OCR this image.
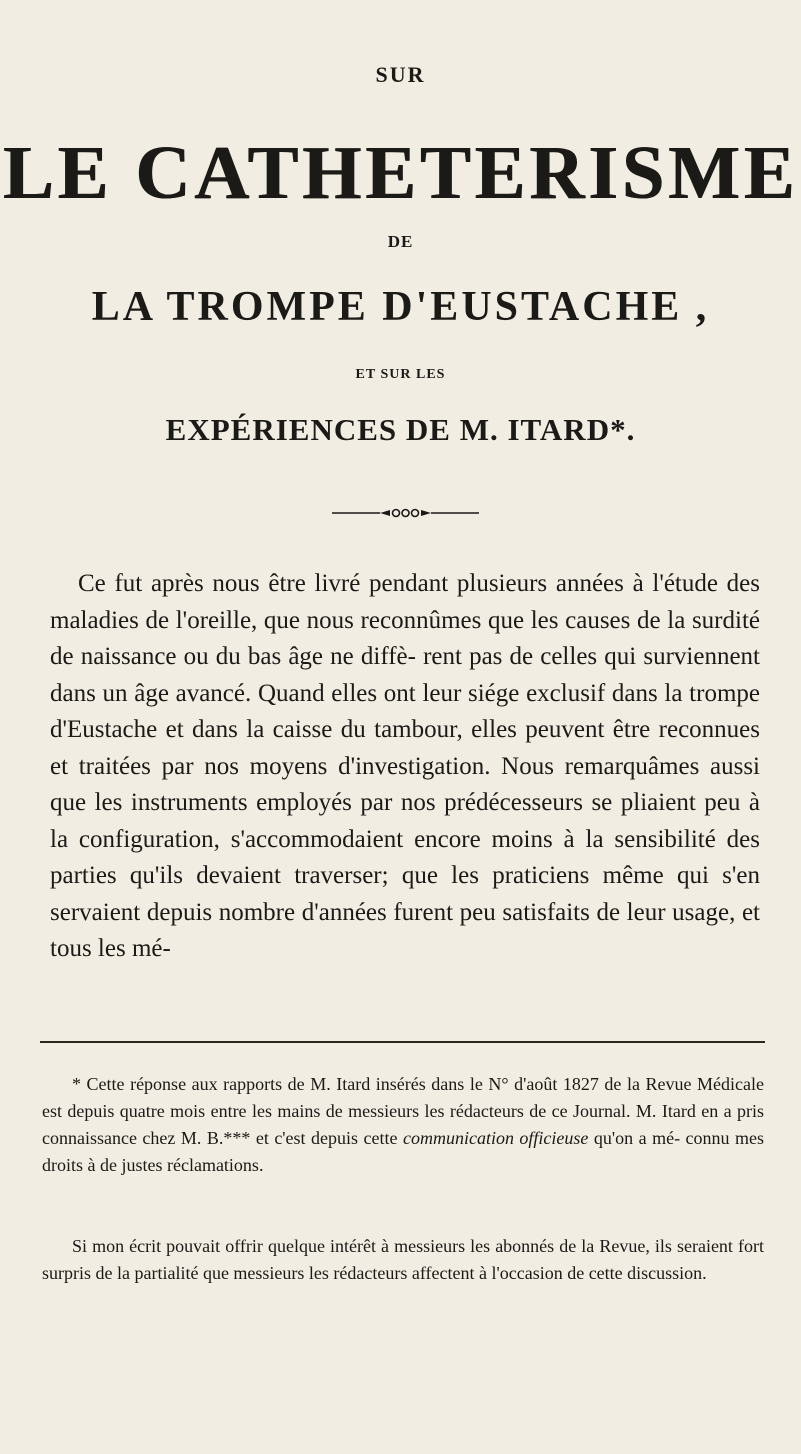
SUR
LE CATHETERISME
DE
LA TROMPE D'EUSTACHE ,
ET SUR LES
EXPÉRIENCES DE M. ITARD*.

Ce fut après nous être livré pendant plusieurs années à l'étude des maladies de l'oreille, que nous reconnûmes que les causes de la surdité de naissance ou du bas âge ne diffè- rent pas de celles qui surviennent dans un âge avancé. Quand elles ont leur siége exclusif dans la trompe d'Eustache et dans la caisse du tambour, elles peuvent être reconnues et traitées par nos moyens d'investigation. Nous remarquâmes aussi que les instruments employés par nos prédécesseurs se pliaient peu à la configuration, s'accommodaient encore moins à la sensibilité des parties qu'ils devaient traverser; que les praticiens même qui s'en servaient depuis nombre d'années furent peu satisfaits de leur usage, et tous les mé-

* Cette réponse aux rapports de M. Itard insérés dans le N° d'août 1827 de la Revue Médicale est depuis quatre mois entre les mains de messieurs les rédacteurs de ce Journal. M. Itard en a pris connaissance chez M. B.*** et c'est depuis cette communication officieuse qu'on a mé- connu mes droits à de justes réclamations.

Si mon écrit pouvait offrir quelque intérêt à messieurs les abonnés de la Revue, ils seraient fort surpris de la partialité que messieurs les rédacteurs affectent à l'occasion de cette discussion.
